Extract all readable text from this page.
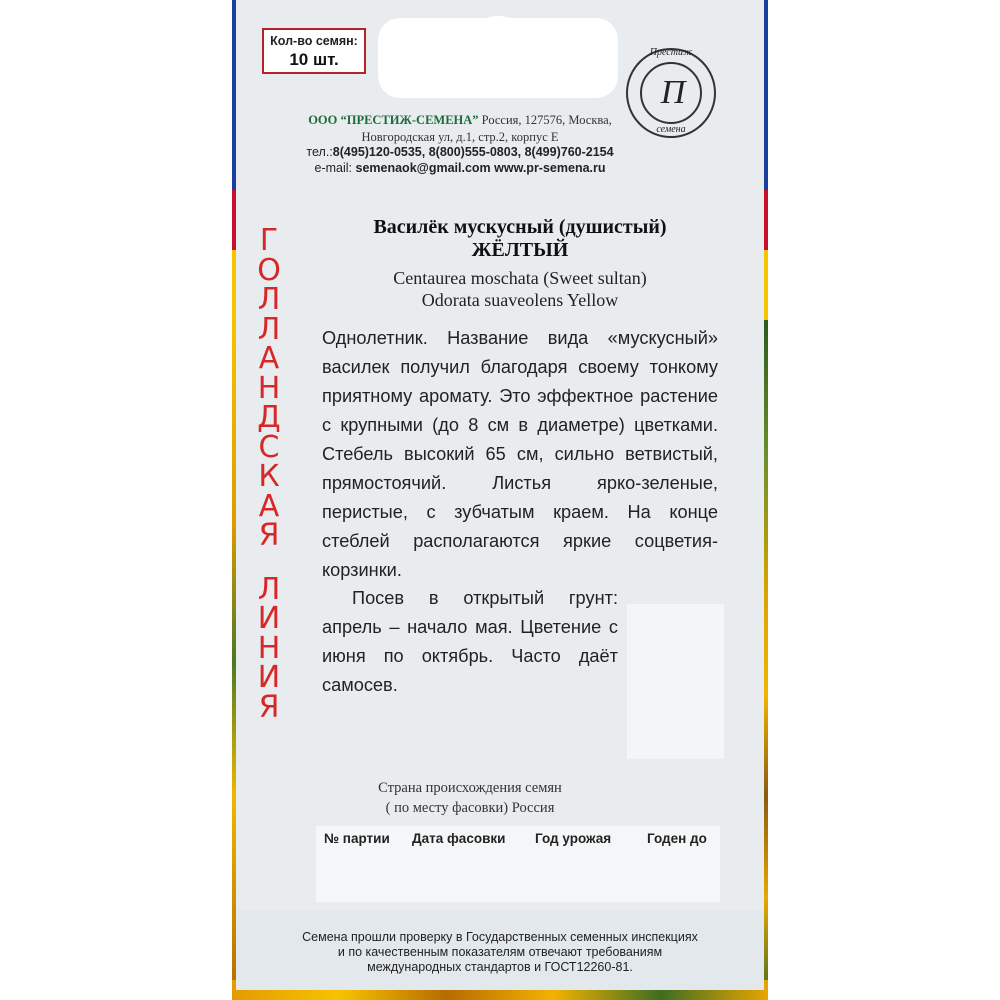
Кол-во семян:
10 шт.	Престиж
П
семена
ООО “ПРЕСТИЖ-СЕМЕНА” Россия, 127576, Москва,
Новгородская ул, д.1, стр.2, корпус Е
тел.:8(495)120-0535, 8(800)555-0803, 8(499)760-2154
e-mail: semenaok@gmail.com www.pr-semena.ru
Г
О
Л
Л
А
Н
Д
С
К
А
Я
Л
И
Н
И
Я
Василёк мускусный (душистый)
ЖЁЛТЫЙ
Centaurea moschata (Sweet sultan)
Odorata suaveolens Yellow

Однолетник. Название вида «мускусный» василек получил благодаря своему тонкому приятному аромату. Это эффектное растение с крупными (до 8 см в диаметре) цветками. Стебель высокий 65 см, сильно ветвистый, прямостоячий. Листья ярко-зеленые, перистые, с зубчатым краем. На конце стеблей располагаются яркие соцветия-корзинки.

Посев в открытый грунт: апрель – начало мая. Цветение с июня по октябрь. Часто даёт самосев.

Страна происхождения семян
( по месту фасовки) Россия
№ партии Дата фасовки Год урожая	Годен до
Семена прошли проверку в Государственных семенных инспекциях
и по качественным показателям отвечают требованиям
международных стандартов и ГОСТ12260-81.
